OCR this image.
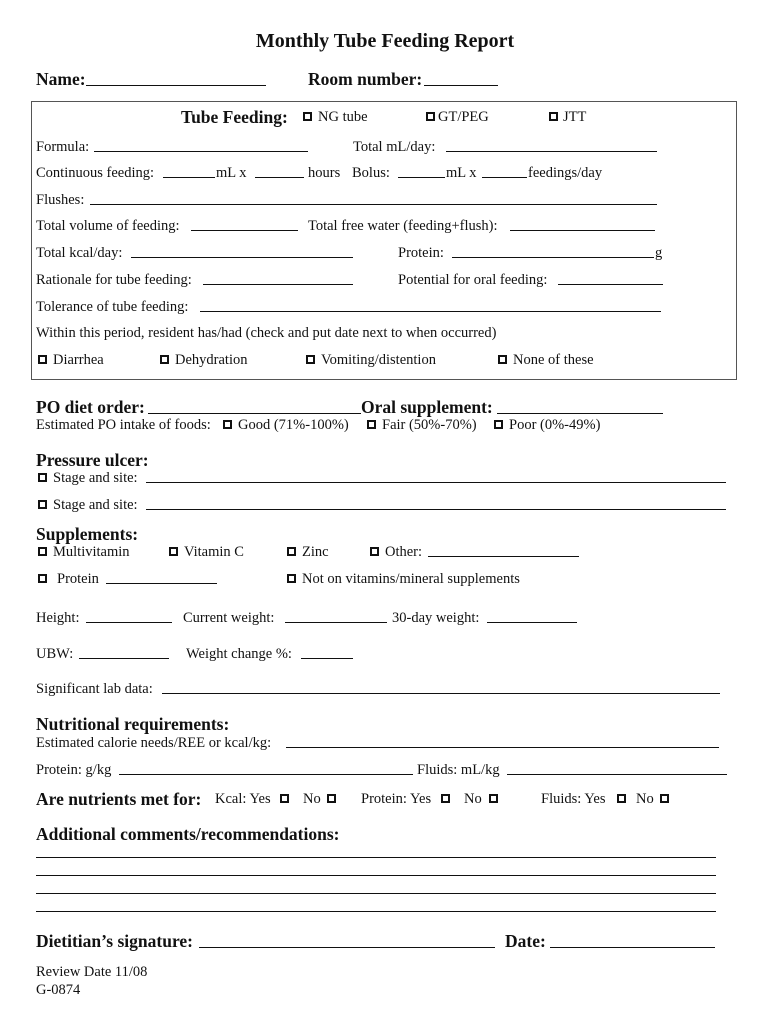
Monthly Tube Feeding Report
Name:	Room number:
Tube Feeding: NG tube	GT/PEG	JTT
Formula:	Total mL/day:
Continuous feeding:	mL x	hours Bolus:	mL x	feedings/day
Flushes:
Total volume of feeding:	Total free water (feeding+flush):
Total kcal/day:	Protein:	g
Rationale for tube feeding:	Potential for oral feeding:
Tolerance of tube feeding:
Within this period, resident has/had (check and put date next to when occurred)
Diarrhea	Dehydration	Vomiting/distention	None of these
PO diet order:	Oral supplement:
Estimated PO intake of foods: Good (71%-100%) Fair (50%-70%) Poor (0%-49%)
Pressure ulcer:
Stage and site:
Stage and site:
Supplements:
Multivitamin	Vitamin C	Zinc	Other:
Protein	Not on vitamins/mineral supplements
Height:	Current weight:	30-day weight:
UBW:	Weight change %:
Significant lab data:
Nutritional requirements:
Estimated calorie needs/REE or kcal/kg:
Protein: g/kg	Fluids: mL/kg
Are nutrients met for: Kcal: Yes No	Protein: Yes No	Fluids: Yes No
Additional comments/recommendations:
Dietitian’s signature:	Date:
Review Date 11/08
G-0874
